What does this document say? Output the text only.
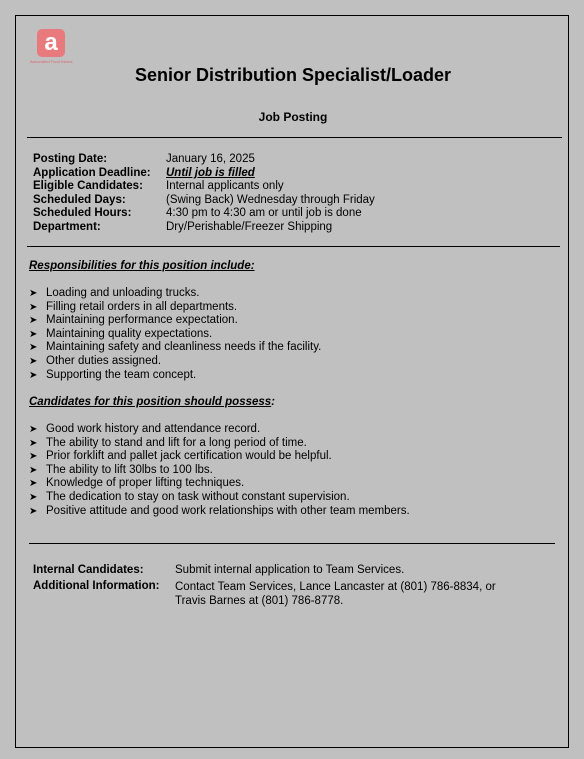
a
Associated Food Stores
Senior Distribution Specialist/Loader
Job Posting
Posting Date:	January 16, 2025
Application Deadline:	Until job is filled
Eligible Candidates:	Internal applicants only
Scheduled Days:	(Swing Back) Wednesday through Friday
Scheduled Hours:	4:30 pm to 4:30 am or until job is done
Department:	Dry/Perishable/Freezer Shipping
Responsibilities for this position include:
➤ Loading and unloading trucks.
➤ Filling retail orders in all departments.
➤ Maintaining performance expectation.
➤ Maintaining quality expectations.
➤ Maintaining safety and cleanliness needs if the facility.
➤ Other duties assigned.
➤ Supporting the team concept.
Candidates for this position should possess:
➤ Good work history and attendance record.
➤ The ability to stand and lift for a long period of time.
➤ Prior forklift and pallet jack certification would be helpful.
➤ The ability to lift 30lbs to 100 lbs.
➤ Knowledge of proper lifting techniques.
➤ The dedication to stay on task without constant supervision.
➤ Positive attitude and good work relationships with other team members.
Internal Candidates:	Submit internal application to Team Services.
Additional Information:	Contact Team Services, Lance Lancaster at (801) 786-8834, or
Travis Barnes at (801) 786-8778.
